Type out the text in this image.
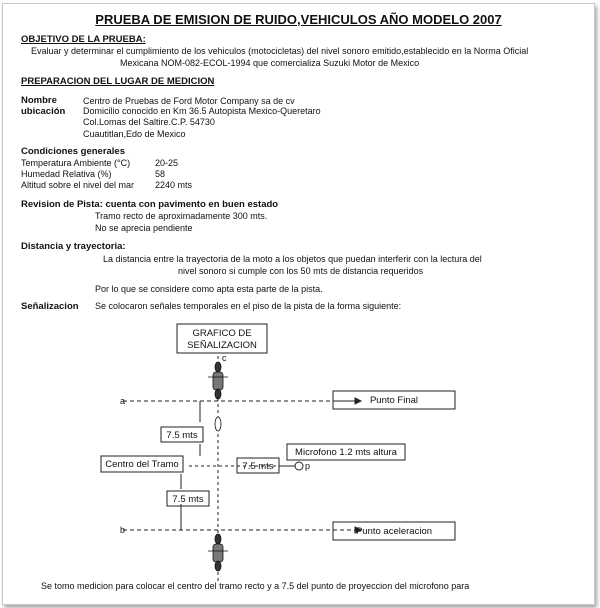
PRUEBA DE EMISION DE RUIDO,VEHICULOS AÑO MODELO 2007
OBJETIVO DE LA PRUEBA:
Evaluar y determinar el cumplimiento de los vehiculos (motocicletas) del nivel sonoro emitido,establecido en la Norma Oficial
Mexicana NOM-082-ECOL-1994 que comercializa Suzuki Motor de Mexico
PREPARACION DEL LUGAR DE MEDICION
Nombre	Centro de Pruebas de Ford Motor Company sa de cv
ubicación Domicilio conocido en Km 36.5 Autopista Mexico-Queretaro
Col.Lomas del Saltire.C.P. 54730
Cuautitlan,Edo de Mexico
Condiciones generales
Temperatura Ambiente (°C)	20-25
Humedad Relativa (%)	58
Altitud sobre el nivel del mar 2240 mts
Revision de Pista: cuenta con pavimento en buen estado
Tramo recto de aproximadamente 300 mts.
No se aprecia pendiente
Distancia y trayectoria:
La distancia entre la trayectoria de la moto a los objetos que puedan interferir con la lectura del
nivel sonoro si cumple con los 50 mts de distancia requeridos
Por lo que se considere como apta esta parte de la pista.
Señalizacion Se colocaron señales temporales en el piso de la pista de la forma siguiente:
c
a
b
p
GRAFICO DE
SEÑALIZACION
Punto Final
7.5 mts
Microfono 1.2 mts altura
Centro del Tramo	7.5 mts
7.5 mts
Punto aceleracion
Se tomo medicion para colocar el centro del tramo recto y a 7.5 del punto de proyeccion del microfono para
